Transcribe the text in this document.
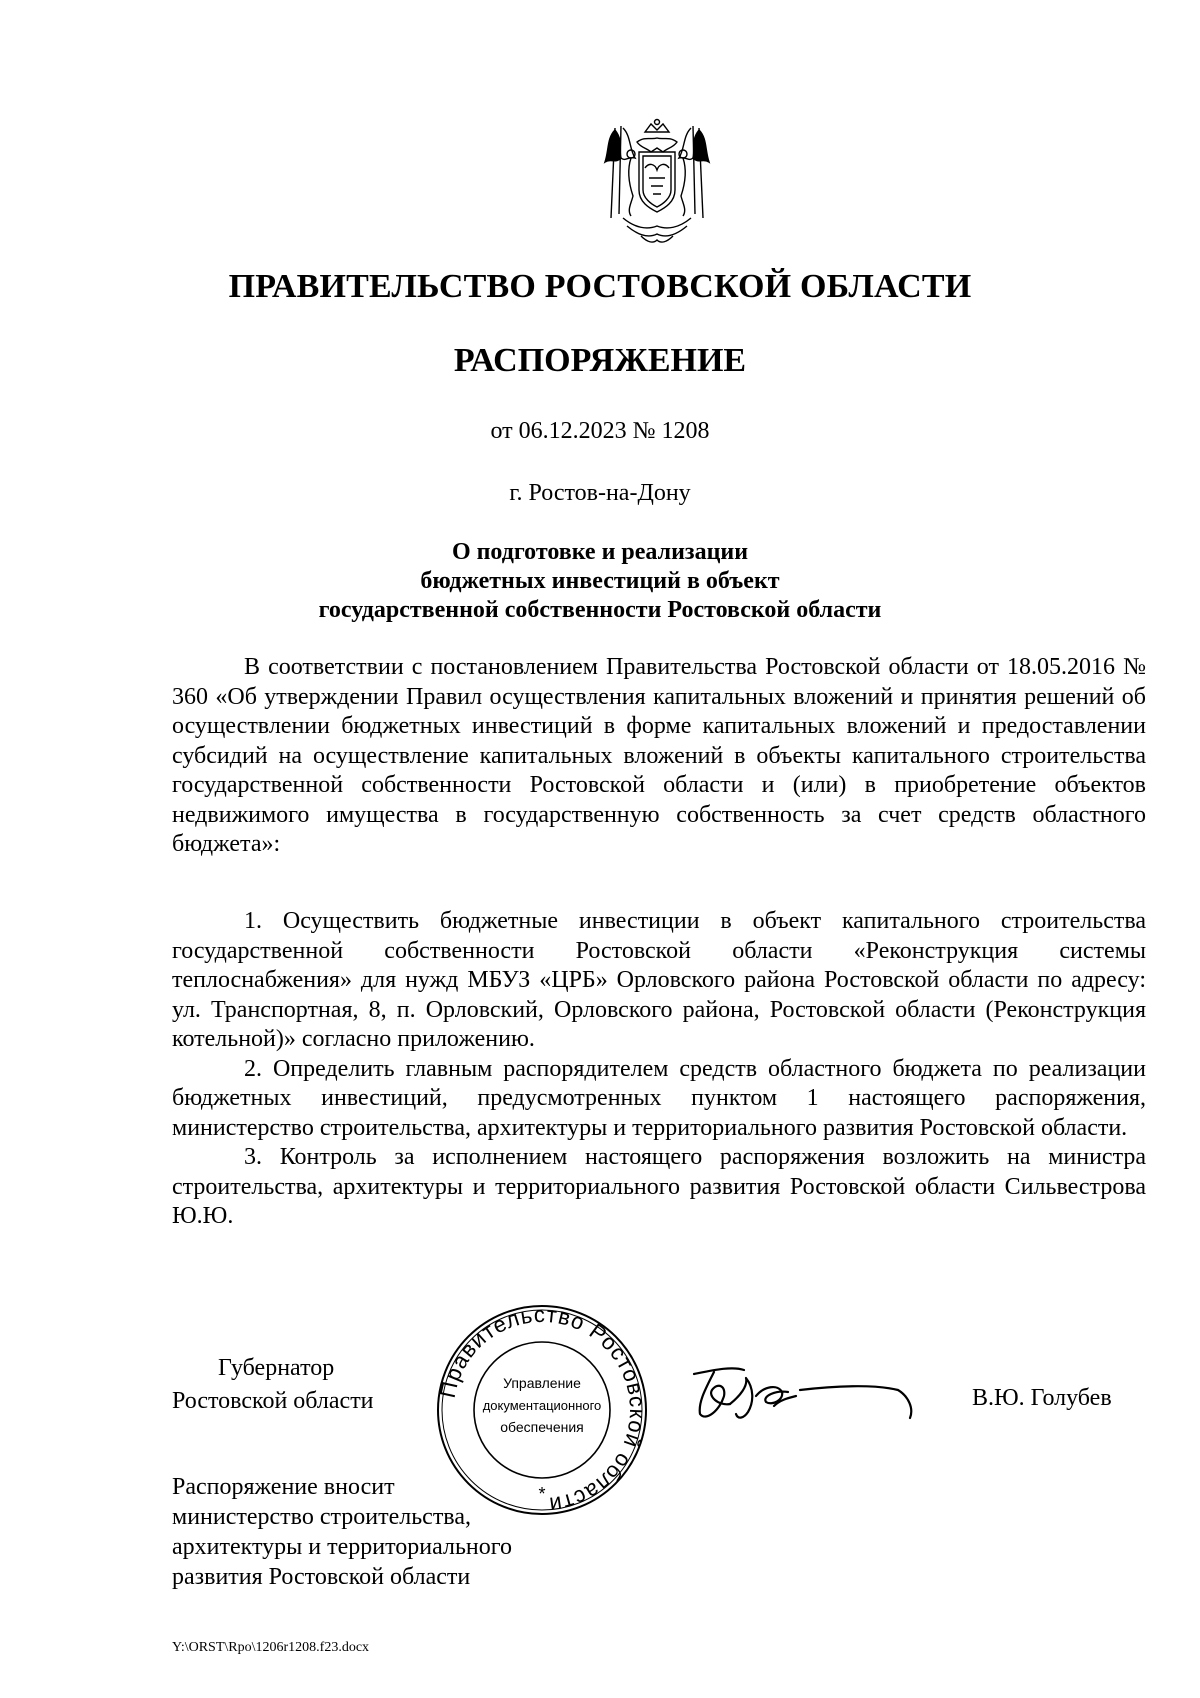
ПРАВИТЕЛЬСТВО РОСТОВСКОЙ ОБЛАСТИ
РАСПОРЯЖЕНИЕ
от 06.12.2023 № 1208
г. Ростов-на-Дону
О подготовке и реализации
бюджетных инвестиций в объект
государственной собственности Ростовской области

В соответствии с постановлением Правительства Ростовской области от 18.05.2016 № 360 «Об утверждении Правил осуществления капитальных вложений и принятия решений об осуществлении бюджетных инвестиций в форме капитальных вложений и предоставлении субсидий на осуществление капитальных вложений в объекты капитального строительства государственной собственности Ростовской области и (или) в приобретение объектов недвижимого имущества в государственную собственность за счет средств областного бюджета»:

1. Осуществить бюджетные инвестиции в объект капитального строительства государственной собственности Ростовской области «Реконструкция системы теплоснабжения» для нужд МБУЗ «ЦРБ» Орловского района Ростовской области по адресу: ул. Транспортная, 8, п. Орловский, Орловского района, Ростовской области (Реконструкция котельной)» согласно приложению.

2. Определить главным распорядителем средств областного бюджета по реализации бюджетных инвестиций, предусмотренных пунктом 1 настоящего распоряжения, министерство строительства, архитектуры и территориального развития Ростовской области.

3. Контроль за исполнением настоящего распоряжения возложить на министра строительства, архитектуры и территориального развития Ростовской области Сильвестрова Ю.Ю.

Губернатор
Ростовской области	Правительство Ростовской области
Управление
документационного
обеспечения
*
В.Ю. Голубев
Распоряжение вносит
министерство строительства,
архитектуры и территориального
развития Ростовской области
Y:\ORST\Rpo\1206r1208.f23.docx
